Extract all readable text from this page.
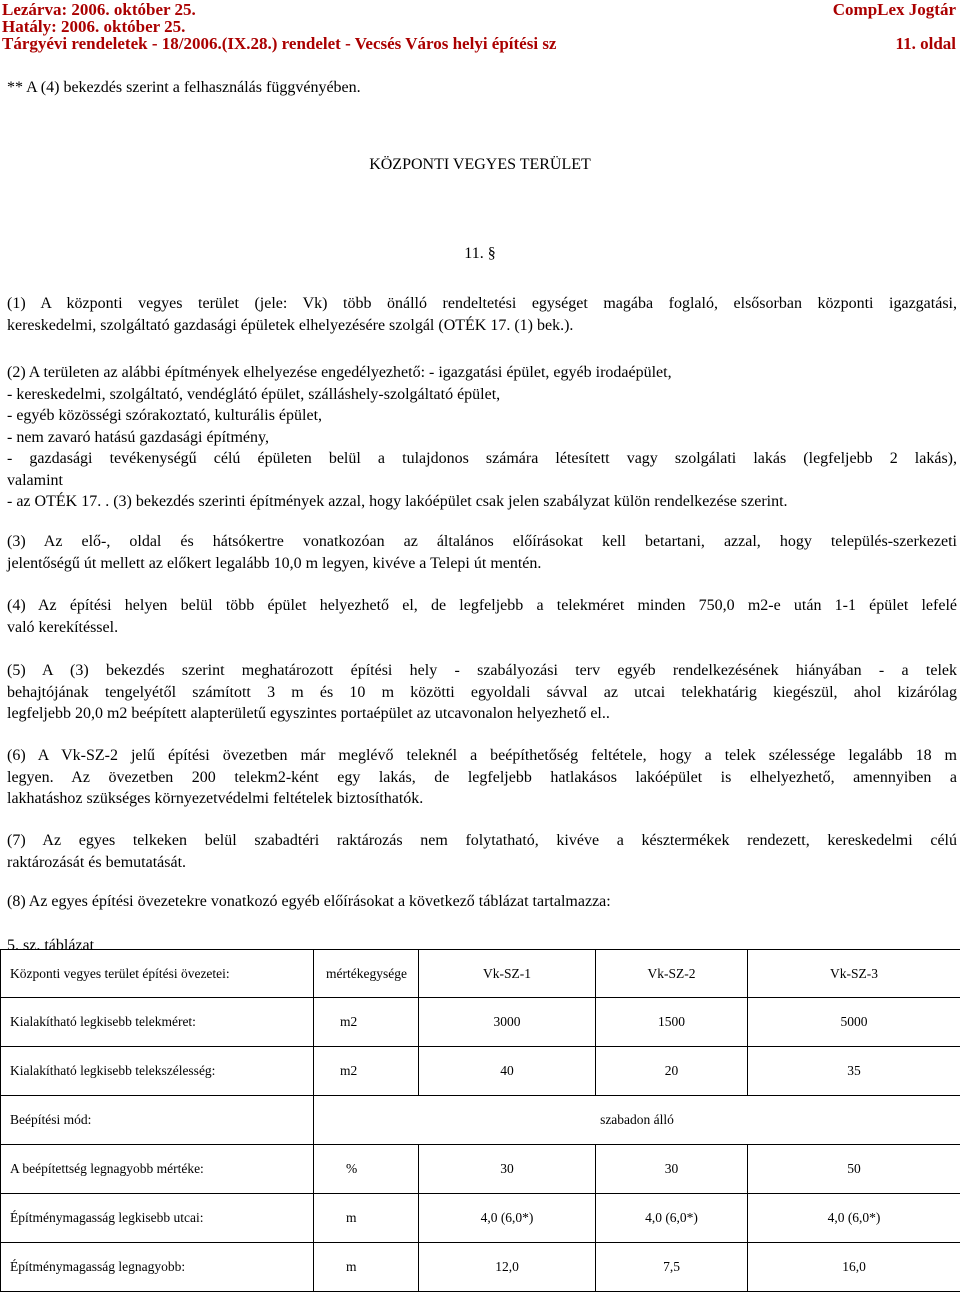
Lezárva: 2006. október 25.
Hatály: 2006. október 25.
Tárgyévi rendeletek - 18/2006.(IX.28.) rendelet - Vecsés Város helyi építési sz
CompLex Jogtár
11. oldal
** A (4) bekezdés szerint a felhasználás függvényében.
KÖZPONTI VEGYES TERÜLET
11. §
(1) A központi vegyes terület (jele: Vk) több önálló rendeltetési egységet magába foglaló, elsősorban központi igazgatási,
kereskedelmi, szolgáltató gazdasági épületek elhelyezésére szolgál (OTÉK 17. (1) bek.).
(2) A területen az alábbi építmények elhelyezése engedélyezhető: - igazgatási épület, egyéb irodaépület,
- kereskedelmi, szolgáltató, vendéglátó épület, szálláshely-szolgáltató épület,
- egyéb közösségi szórakoztató, kulturális épület,
- nem zavaró hatású gazdasági építmény,
- gazdasági tevékenységű célú épületen belül a tulajdonos számára létesített vagy szolgálati lakás (legfeljebb 2 lakás),
valamint
- az OTÉK 17. . (3) bekezdés szerinti építmények azzal, hogy lakóépület csak jelen szabályzat külön rendelkezése szerint.
(3) Az elő-, oldal és hátsókertre vonatkozóan az általános előírásokat kell betartani, azzal, hogy település-szerkezeti
jelentőségű út mellett az előkert legalább 10,0 m legyen, kivéve a Telepi út mentén.
(4) Az építési helyen belül több épület helyezhető el, de legfeljebb a telekméret minden 750,0 m2-e után 1-1 épület lefelé
való kerekítéssel.
(5) A (3) bekezdés szerint meghatározott építési hely - szabályozási terv egyéb rendelkezésének hiányában - a telek
behajtójának tengelyétől számított 3 m és 10 m közötti egyoldali sávval az utcai telekhatárig kiegészül, ahol kizárólag
legfeljebb 20,0 m2 beépített alapterületű egyszintes portaépület az utcavonalon helyezhető el..
(6) A Vk-SZ-2 jelű építési övezetben már meglévő teleknél a beépíthetőség feltétele, hogy a telek szélessége legalább 18 m
legyen. Az övezetben 200 telekm2-ként egy lakás, de legfeljebb hatlakásos lakóépület is elhelyezhető, amennyiben a
lakhatáshoz szükséges környezetvédelmi feltételek biztosíthatók.
(7) Az egyes telkeken belül szabadtéri raktározás nem folytatható, kivéve a késztermékek rendezett, kereskedelmi célú
raktározását és bemutatását.
(8) Az egyes építési övezetekre vonatkozó egyéb előírásokat a következő táblázat tartalmazza:
5. sz. táblázat
Központi vegyes terület építési övezetei:	mértékegysége	Vk-SZ-1	Vk-SZ-2	Vk-SZ-3
Kialakítható legkisebb telekméret:	m2	3000	1500	5000
Kialakítható legkisebb telekszélesség:	m2	40	20	35
Beépítési mód:	szabadon álló			
A beépítettség legnagyobb mértéke:	%	30	30	50
Építménymagasság legkisebb utcai:	m	4,0 (6,0*)	4,0 (6,0*)	4,0 (6,0*)
Építménymagasság legnagyobb:	m	12,0	7,5	16,0
